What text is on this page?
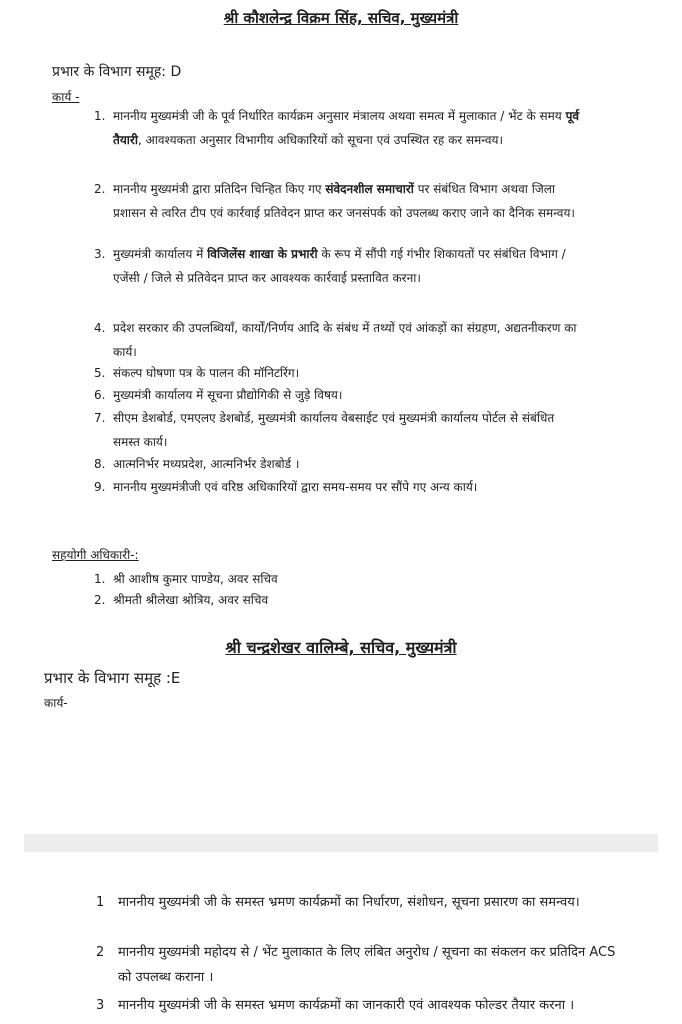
श्री कौशलेन्द्र विक्रम सिंह, सचिव, मुख्यमंत्री
प्रभार के विभाग समूह: D
कार्य -
1. माननीय मुख्यमंत्री जी के पूर्व निर्धारित कार्यक्रम अनुसार मंत्रालय अथवा समत्व में मुलाकात / भेंट के समय पूर्व तैयारी, आवश्यकता अनुसार विभागीय अधिकारियों को सूचना एवं उपस्थित रह कर समन्वय।
2. माननीय मुख्यमंत्री द्वारा प्रतिदिन चिन्हित किए गए संवेदनशील समाचारों पर संबंधित विभाग अथवा जिला प्रशासन से त्वरित टीप एवं कार्रवाई प्रतिवेदन प्राप्त कर जनसंपर्क को उपलब्ध कराए जाने का दैनिक समन्वय।
3. मुख्यमंत्री कार्यालय में विजिलेंस शाखा के प्रभारी के रूप में सौंपी गई गंभीर शिकायतों पर संबंधित विभाग / एजेंसी / जिले से प्रतिवेदन प्राप्त कर आवश्यक कार्रवाई प्रस्तावित करना।
4. प्रदेश सरकार की उपलब्धियाँ, कार्यों/निर्णय आदि के संबंध में तथ्यों एवं आंकड़ों का संग्रहण, अद्यतनीकरण का कार्य।
5. संकल्प घोषणा पत्र के पालन की मॉनिटरिंग।
6. मुख्यमंत्री कार्यालय में सूचना प्रौद्योगिकी से जुड़े विषय।
7. सीएम डेशबोर्ड, एमएलए डेशबोर्ड, मुख्यमंत्री कार्यालय वेबसाईट एवं मुख्यमंत्री कार्यालय पोर्टल से संबंधित समस्त कार्य।
8. आत्मनिर्भर मध्यप्रदेश, आत्मनिर्भर डेशबोर्ड ।
9. माननीय मुख्यमंत्रीजी एवं वरिष्ठ अधिकारियों द्वारा समय-समय पर सौंपे गए अन्य कार्य।
सहयोगी अधिकारी-:
1. श्री आशीष कुमार पाण्डेय, अवर सचिव
2. श्रीमती श्रीलेखा श्रोत्रिय, अवर सचिव
श्री चन्द्रशेखर वालिम्बे, सचिव, मुख्यमंत्री
प्रभार के विभाग समूह :E
कार्य-
1 माननीय मुख्यमंत्री जी के समस्त भ्रमण कार्यक्रमों का निर्धारण, संशोधन, सूचना प्रसारण का समन्वय।
2 माननीय मुख्यमंत्री महोदय से / भेंट मुलाकात के लिए लंबित अनुरोध / सूचना का संकलन कर प्रतिदिन ACS को उपलब्ध कराना ।
3 माननीय मुख्यमंत्री जी के समस्त भ्रमण कार्यक्रमों का जानकारी एवं आवश्यक फोल्डर तैयार करना ।
